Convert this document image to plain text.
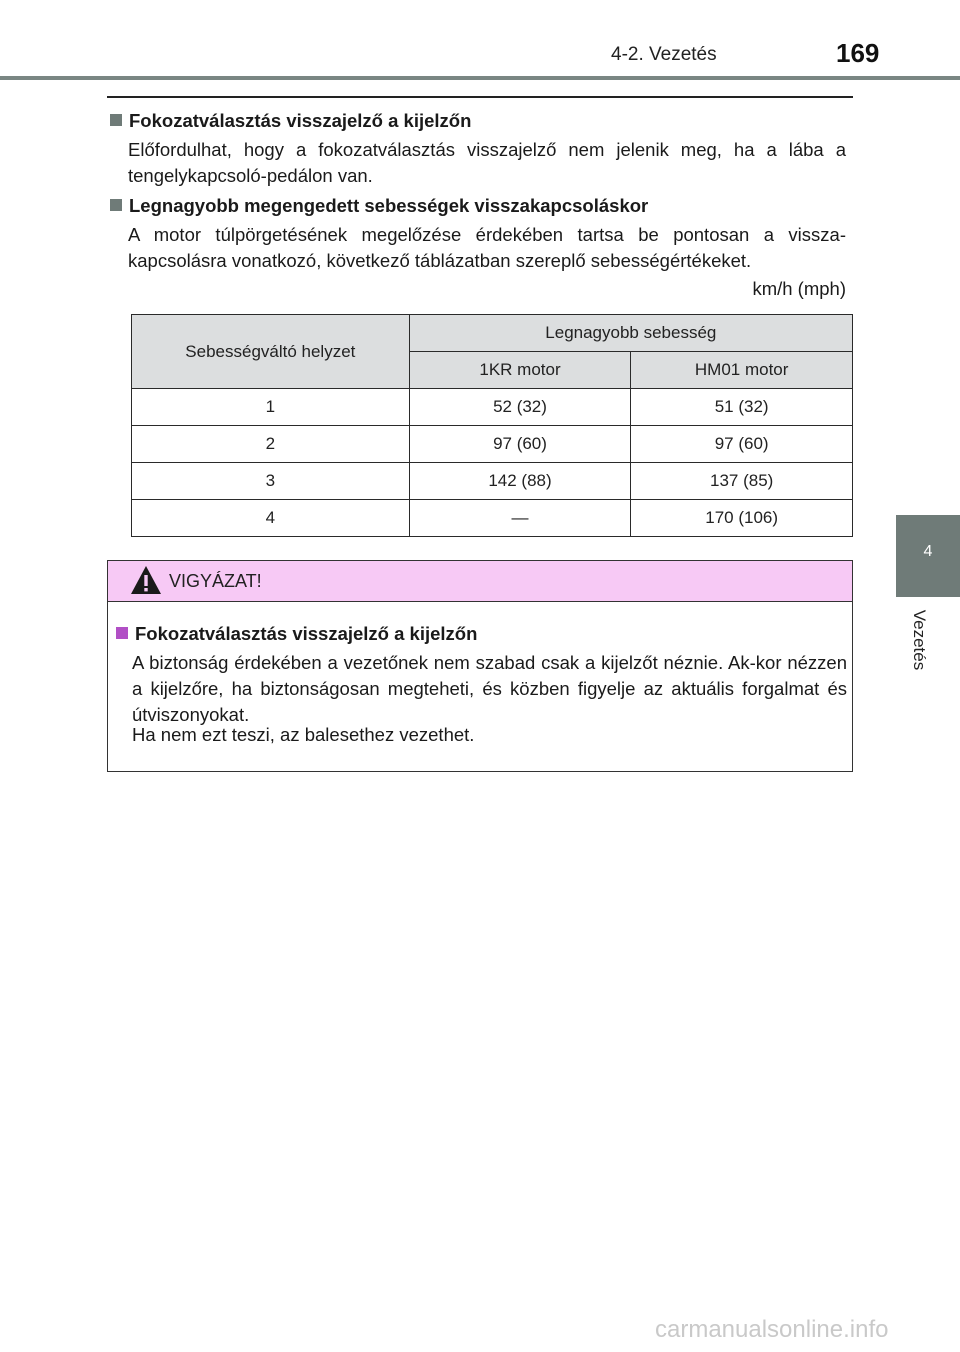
4-2. Vezetés	169
4
Vezetés
Fokozatválasztás visszajelző a kijelzőn
Előfordulhat, hogy a fokozatválasztás visszajelző nem jelenik meg, ha a lába a tengelykapcsoló-pedálon van.
Legnagyobb megengedett sebességek visszakapcsoláskor
A motor túlpörgetésének megelőzése érdekében tartsa be pontosan a vissza-kapcsolásra vonatkozó, következő táblázatban szereplő sebességértékeket.
km/h (mph)
Sebességváltó helyzet	Legnagyobb sebesség	
	1KR motor	HM01 motor
1	52 (32)	51 (32)
2	97 (60)	97 (60)
3	142 (88)	137 (85)
4	—	170 (106)
VIGYÁZAT!
Fokozatválasztás visszajelző a kijelzőn

A biztonság érdekében a vezetőnek nem szabad csak a kijelzőt néznie. Ak-kor nézzen a kijelzőre, ha biztonságosan megteheti, és közben figyelje az aktuális forgalmat és útviszonyokat.

Ha nem ezt teszi, az balesethez vezethet.
carmanualsonline.info
